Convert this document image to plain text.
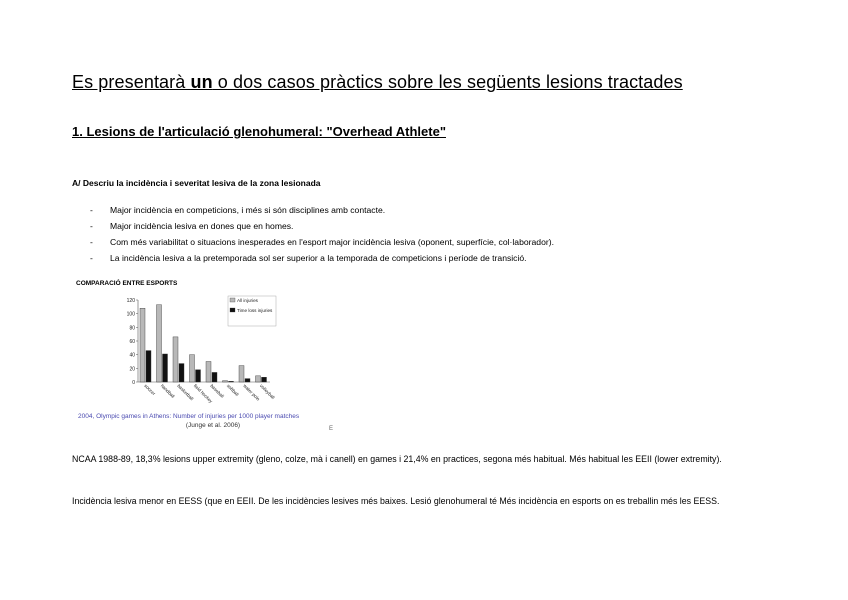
Es presentarà un o dos casos pràctics sobre les següents lesions tractades
1. Lesions de l'articulació glenohumeral: "Overhead Athlete"
A/ Descriu la incidència i severitat lesiva de la zona lesionada
- Major incidència en competicions, i més si són disciplines amb contacte.
- Major incidència lesiva en dones que en homes.
- Com més variabilitat o situacions inesperades en l'esport major incidència lesiva (oponent, superfície, col·laborador).
- La incidència lesiva a la pretemporada sol ser superior a la temporada de competicions i període de transició.
COMPARACIÓ ENTRE ESPORTS
0
20
40
60
80
100
120
soccer handball basketball
field hockey
baseball softball water polo
volleyball
All injuries
Time loss injuries
2004, Olympic games in Athens: Number of injuries per 1000 player matches
(Junge et al. 2006)	E
NCAA 1988-89, 18,3% lesions upper extremity (gleno, colze, mà i canell) en games i 21,4% en practices, segona més habitual. Més habitual les EEII (lower extremity).
Incidència lesiva menor en EESS (que en EEII. De les incidències lesives més baixes. Lesió glenohumeral té Més incidència en esports on es treballin més les EESS.
